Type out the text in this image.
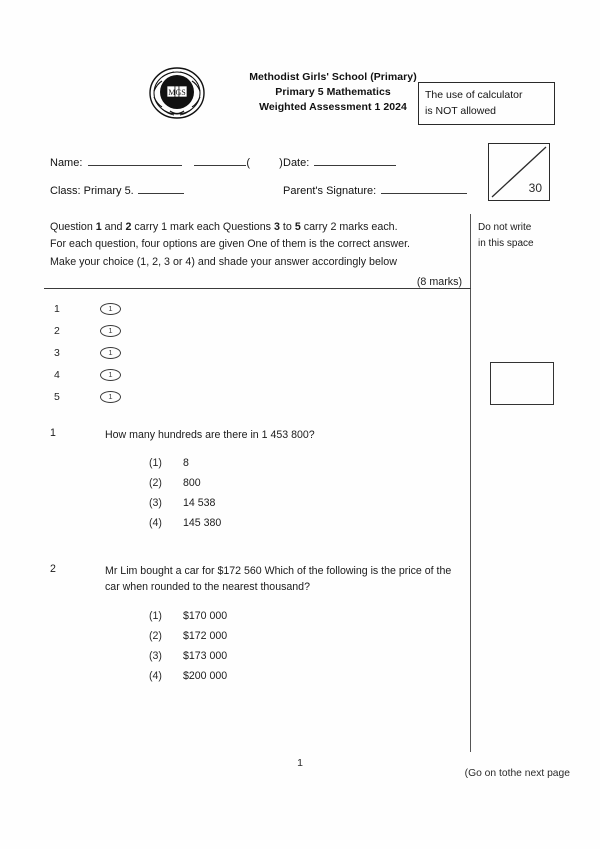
MGS
Methodist Girls' School (Primary)
Primary 5 Mathematics
Weighted Assessment 1 2024
The use of calculator
is NOT allowed
Name:	(	) Date:
Class: Primary 5.	Parent's Signature:	30
Question 1 and 2 carry 1 mark each Questions 3 to 5 carry 2 marks each.
For each question, four options are given One of them is the correct answer.
Make your choice (1, 2, 3 or 4) and shade your answer accordingly below
(8 marks)
Do not write
in this space
1	1
2	1
3	1
4	1
5	1
1	How many hundreds are there in 1 453 800?
(1) 8
(2) 800
(3) 14 538
(4) 145 380
2	Mr Lim bought a car for $172 560 Which of the following is the price of the car when rounded to the nearest thousand?
(1) $170 000
(2) $172 000
(3) $173 000
(4) $200 000
1
(Go on tothe next page
